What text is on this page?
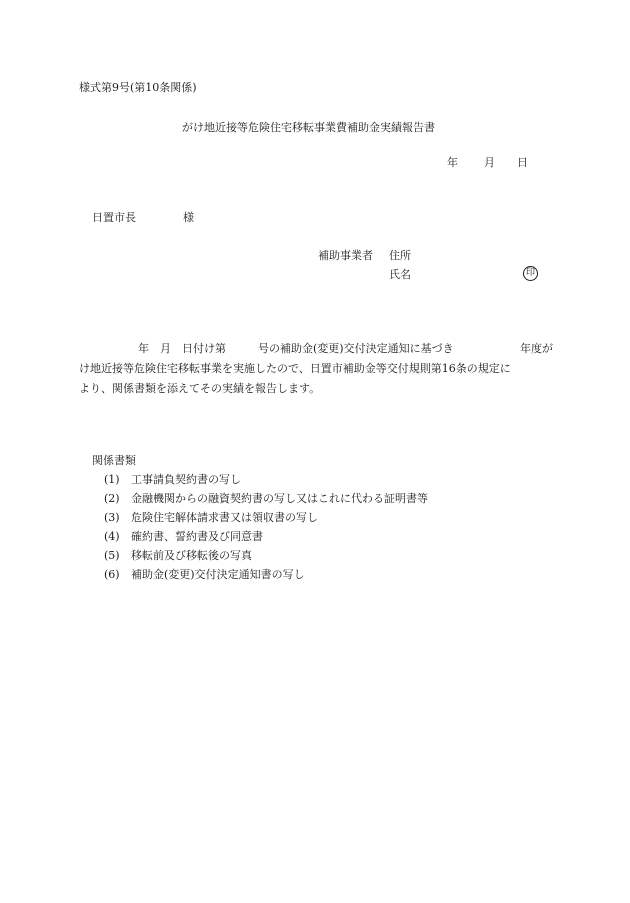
様式第9号(第10条関係)
がけ地近接等危険住宅移転事業費補助金実績報告書
年 月 日
日置市長	様
補助事業者 住所
氏名	印
年　月　日付け第	号の補助金(変更)交付決定通知に基づき	年度が
け地近接等危険住宅移転事業を実施したので、日置市補助金等交付規則第16条の規定に
より、関係書類を添えてその実績を報告します。
関係書類
(1) 工事請負契約書の写し
(2) 金融機関からの融資契約書の写し又はこれに代わる証明書等
(3) 危険住宅解体請求書又は領収書の写し
(4) 確約書、誓約書及び同意書
(5) 移転前及び移転後の写真
(6) 補助金(変更)交付決定通知書の写し
